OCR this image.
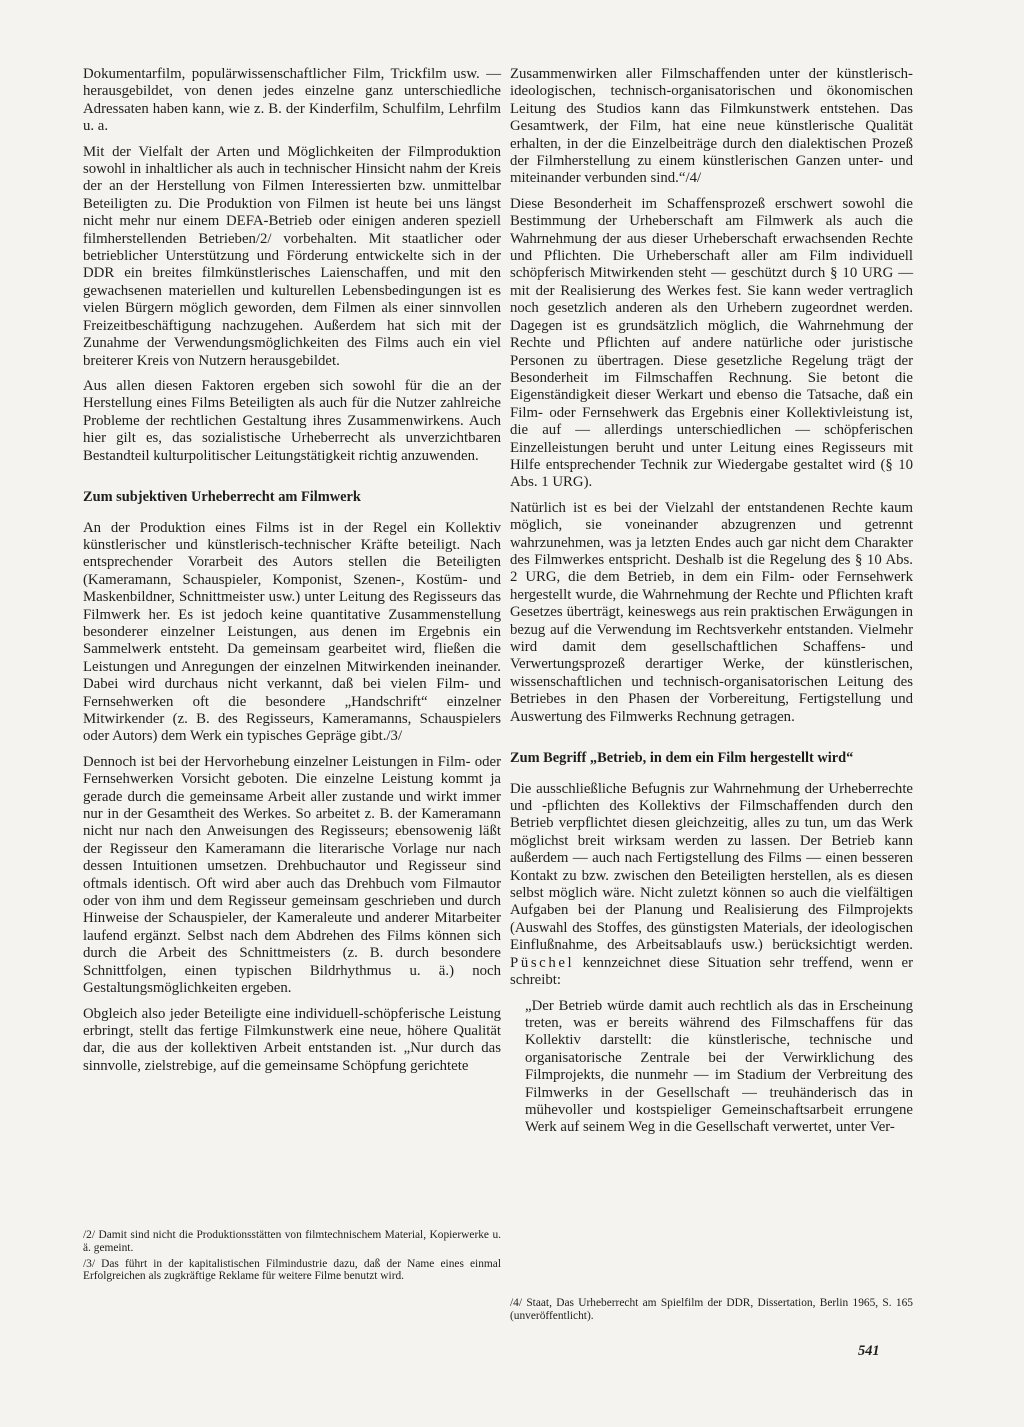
Dokumentarfilm, populärwissenschaftlicher Film, Trickfilm usw. — herausgebildet, von denen jedes einzelne ganz unterschiedliche Adressaten haben kann, wie z. B. der Kinderfilm, Schulfilm, Lehrfilm u. a.

Mit der Vielfalt der Arten und Möglichkeiten der Filmproduktion sowohl in inhaltlicher als auch in technischer Hinsicht nahm der Kreis der an der Herstellung von Filmen Interessierten bzw. unmittelbar Beteiligten zu. Die Produktion von Filmen ist heute bei uns längst nicht mehr nur einem DEFA-Betrieb oder einigen anderen speziell filmherstellenden Betrieben/2/ vorbehalten. Mit staatlicher oder betrieblicher Unterstützung und Förderung entwickelte sich in der DDR ein breites filmkünstlerisches Laienschaffen, und mit den gewachsenen materiellen und kulturellen Lebensbedingungen ist es vielen Bürgern möglich geworden, dem Filmen als einer sinnvollen Freizeitbeschäftigung nachzugehen. Außerdem hat sich mit der Zunahme der Verwendungsmöglichkeiten des Films auch ein viel breiterer Kreis von Nutzern herausgebildet.

Aus allen diesen Faktoren ergeben sich sowohl für die an der Herstellung eines Films Beteiligten als auch für die Nutzer zahlreiche Probleme der rechtlichen Gestaltung ihres Zusammenwirkens. Auch hier gilt es, das sozialistische Urheberrecht als unverzichtbaren Bestandteil kulturpolitischer Leitungstätigkeit richtig anzuwenden.

Zum subjektiven Urheberrecht am Filmwerk

An der Produktion eines Films ist in der Regel ein Kollektiv künstlerischer und künstlerisch-technischer Kräfte beteiligt. Nach entsprechender Vorarbeit des Autors stellen die Beteiligten (Kameramann, Schauspieler, Komponist, Szenen-, Kostüm- und Maskenbildner, Schnittmeister usw.) unter Leitung des Regisseurs das Filmwerk her. Es ist jedoch keine quantitative Zusammenstellung besonderer einzelner Leistungen, aus denen im Ergebnis ein Sammelwerk entsteht. Da gemeinsam gearbeitet wird, fließen die Leistungen und Anregungen der einzelnen Mitwirkenden ineinander. Dabei wird durchaus nicht verkannt, daß bei vielen Film- und Fernsehwerken oft die besondere „Handschrift“ einzelner Mitwirkender (z. B. des Regisseurs, Kameramanns, Schauspielers oder Autors) dem Werk ein typisches Gepräge gibt./3/

Dennoch ist bei der Hervorhebung einzelner Leistungen in Film- oder Fernsehwerken Vorsicht geboten. Die einzelne Leistung kommt ja gerade durch die gemeinsame Arbeit aller zustande und wirkt immer nur in der Gesamtheit des Werkes. So arbeitet z. B. der Kameramann nicht nur nach den Anweisungen des Regisseurs; ebensowenig läßt der Regisseur den Kameramann die literarische Vorlage nur nach dessen Intuitionen umsetzen. Drehbuchautor und Regisseur sind oftmals identisch. Oft wird aber auch das Drehbuch vom Filmautor oder von ihm und dem Regisseur gemeinsam geschrieben und durch Hinweise der Schauspieler, der Kameraleute und anderer Mitarbeiter laufend ergänzt. Selbst nach dem Abdrehen des Films können sich durch die Arbeit des Schnittmeisters (z. B. durch besondere Schnittfolgen, einen typischen Bildrhythmus u. ä.) noch Gestaltungsmöglichkeiten ergeben.

Obgleich also jeder Beteiligte eine individuell-schöpferische Leistung erbringt, stellt das fertige Filmkunstwerk eine neue, höhere Qualität dar, die aus der kollektiven Arbeit entstanden ist. „Nur durch das sinnvolle, zielstrebige, auf die gemeinsame Schöpfung gerichtete

Zusammenwirken aller Filmschaffenden unter der künstlerisch-ideologischen, technisch-organisatorischen und ökonomischen Leitung des Studios kann das Filmkunstwerk entstehen. Das Gesamtwerk, der Film, hat eine neue künstlerische Qualität erhalten, in der die Einzelbeiträge durch den dialektischen Prozeß der Filmherstellung zu einem künstlerischen Ganzen unter- und miteinander verbunden sind.“/4/

Diese Besonderheit im Schaffensprozeß erschwert sowohl die Bestimmung der Urheberschaft am Filmwerk als auch die Wahrnehmung der aus dieser Urheberschaft erwachsenden Rechte und Pflichten. Die Urheberschaft aller am Film individuell schöpferisch Mitwirkenden steht — geschützt durch § 10 URG — mit der Realisierung des Werkes fest. Sie kann weder vertraglich noch gesetzlich anderen als den Urhebern zugeordnet werden. Dagegen ist es grundsätzlich möglich, die Wahrnehmung der Rechte und Pflichten auf andere natürliche oder juristische Personen zu übertragen. Diese gesetzliche Regelung trägt der Besonderheit im Filmschaffen Rechnung. Sie betont die Eigenständigkeit dieser Werkart und ebenso die Tatsache, daß ein Film- oder Fernsehwerk das Ergebnis einer Kollektivleistung ist, die auf — allerdings unterschiedlichen — schöpferischen Einzelleistungen beruht und unter Leitung eines Regisseurs mit Hilfe entsprechender Technik zur Wiedergabe gestaltet wird (§ 10 Abs. 1 URG).

Natürlich ist es bei der Vielzahl der entstandenen Rechte kaum möglich, sie voneinander abzugrenzen und getrennt wahrzunehmen, was ja letzten Endes auch gar nicht dem Charakter des Filmwerkes entspricht. Deshalb ist die Regelung des § 10 Abs. 2 URG, die dem Betrieb, in dem ein Film- oder Fernsehwerk hergestellt wurde, die Wahrnehmung der Rechte und Pflichten kraft Gesetzes überträgt, keineswegs aus rein praktischen Erwägungen in bezug auf die Verwendung im Rechtsverkehr entstanden. Vielmehr wird damit dem gesellschaftlichen Schaffens- und Verwertungsprozeß derartiger Werke, der künstlerischen, wissenschaftlichen und technisch-organisatorischen Leitung des Betriebes in den Phasen der Vorbereitung, Fertigstellung und Auswertung des Filmwerks Rechnung getragen.

Zum Begriff „Betrieb, in dem ein Film hergestellt wird“

Die ausschließliche Befugnis zur Wahrnehmung der Urheberrechte und -pflichten des Kollektivs der Filmschaffenden durch den Betrieb verpflichtet diesen gleichzeitig, alles zu tun, um das Werk möglichst breit wirksam werden zu lassen. Der Betrieb kann außerdem — auch nach Fertigstellung des Films — einen besseren Kontakt zu bzw. zwischen den Beteiligten herstellen, als es diesen selbst möglich wäre. Nicht zuletzt können so auch die vielfältigen Aufgaben bei der Planung und Realisierung des Filmprojekts (Auswahl des Stoffes, des günstigsten Materials, der ideologischen Einflußnahme, des Arbeitsablaufs usw.) berücksichtigt werden. Püschel kennzeichnet diese Situation sehr treffend, wenn er schreibt:

„Der Betrieb würde damit auch rechtlich als das in Erscheinung treten, was er bereits während des Filmschaffens für das Kollektiv darstellt: die künstlerische, technische und organisatorische Zentrale bei der Verwirklichung des Filmprojekts, die nunmehr — im Stadium der Verbreitung des Filmwerks in der Gesellschaft — treuhänderisch das in mühevoller und kostspieliger Gemeinschaftsarbeit errungene Werk auf seinem Weg in die Gesellschaft verwertet, unter Ver-

/2/ Damit sind nicht die Produktionsstätten von filmtechnischem Material, Kopierwerke u. ä. gemeint.

/3/ Das führt in der kapitalistischen Filmindustrie dazu, daß der Name eines einmal Erfolgreichen als zugkräftige Reklame für weitere Filme benutzt wird.

/4/ Staat, Das Urheberrecht am Spielfilm der DDR, Dissertation, Berlin 1965, S. 165 (unveröffentlicht).

541
